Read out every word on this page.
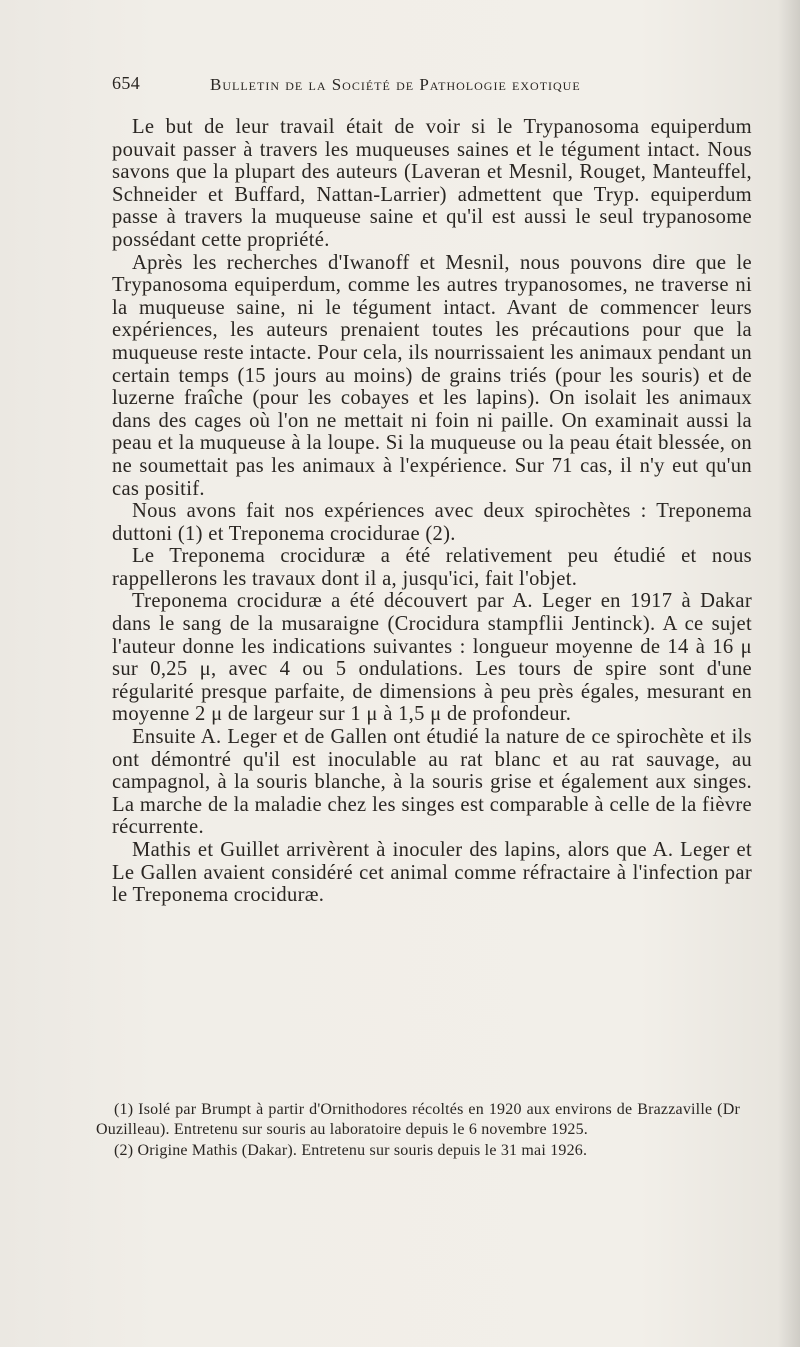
654	Bulletin de la Société de Pathologie exotique

Le but de leur travail était de voir si le Trypanosoma equiperdum pouvait passer à travers les muqueuses saines et le tégument intact. Nous savons que la plupart des auteurs (Laveran et Mesnil, Rouget, Manteuffel, Schneider et Buffard, Nattan-Larrier) admettent que Tryp. equiperdum passe à travers la muqueuse saine et qu'il est aussi le seul trypanosome possédant cette propriété.

Après les recherches d'Iwanoff et Mesnil, nous pouvons dire que le Trypanosoma equiperdum, comme les autres trypanosomes, ne traverse ni la muqueuse saine, ni le tégument intact. Avant de commencer leurs expériences, les auteurs prenaient toutes les précautions pour que la muqueuse reste intacte. Pour cela, ils nourrissaient les animaux pendant un certain temps (15 jours au moins) de grains triés (pour les souris) et de luzerne fraîche (pour les cobayes et les lapins). On isolait les animaux dans des cages où l'on ne mettait ni foin ni paille. On examinait aussi la peau et la muqueuse à la loupe. Si la muqueuse ou la peau était blessée, on ne soumettait pas les animaux à l'expérience. Sur 71 cas, il n'y eut qu'un cas positif.

Nous avons fait nos expériences avec deux spirochètes : Treponema duttoni (1) et Treponema crocidurae (2).

Le Treponema crociduræ a été relativement peu étudié et nous rappellerons les travaux dont il a, jusqu'ici, fait l'objet.

Treponema crociduræ a été découvert par A. Leger en 1917 à Dakar dans le sang de la musaraigne (Crocidura stampflii Jentinck). A ce sujet l'auteur donne les indications suivantes : longueur moyenne de 14 à 16 μ sur 0,25 μ, avec 4 ou 5 ondulations. Les tours de spire sont d'une régularité presque parfaite, de dimensions à peu près égales, mesurant en moyenne 2 μ de largeur sur 1 μ à 1,5 μ de profondeur.

Ensuite A. Leger et de Gallen ont étudié la nature de ce spirochète et ils ont démontré qu'il est inoculable au rat blanc et au rat sauvage, au campagnol, à la souris blanche, à la souris grise et également aux singes. La marche de la maladie chez les singes est comparable à celle de la fièvre récurrente.

Mathis et Guillet arrivèrent à inoculer des lapins, alors que A. Leger et Le Gallen avaient considéré cet animal comme réfractaire à l'infection par le Treponema crociduræ.

(1) Isolé par Brumpt à partir d'Ornithodores récoltés en 1920 aux environs de Brazzaville (Dr Ouzilleau). Entretenu sur souris au laboratoire depuis le 6 novembre 1925.

(2) Origine Mathis (Dakar). Entretenu sur souris depuis le 31 mai 1926.
